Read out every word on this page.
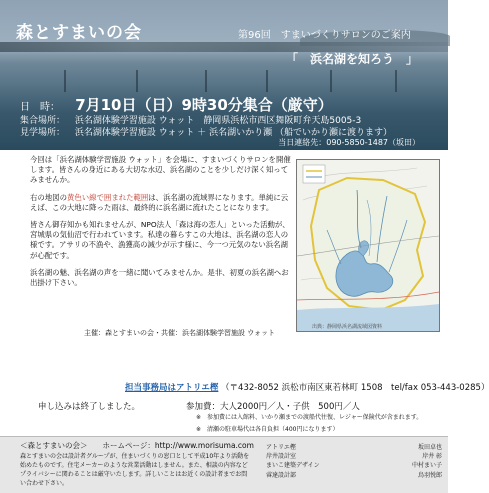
森とすまいの会	第96回　すまいづくりサロンのご案内
「　浜名湖を知ろう　」
日　時： 7月10日（日）9時30分集合（厳守）
集合場所： 浜名湖体験学習施設 ウォット　静岡県浜松市西区舞阪町弁天島5005-3
見学場所： 浜名湖体験学習施設 ウォット ＋ 浜名湖いかり瀬 （船でいかり瀬に渡ります）
当日連絡先：090-5850-1487（坂田）

今回は「浜名湖体験学習施設 ウォット」を会場に、すまいづくりサロンを開催します。皆さんの身近にある大切な水辺、浜名湖のことを少しだけ深く知ってみませんか。

右の地図の黄色い線で囲まれた範囲は、浜名湖の流域界になります。単純に云えば、この大地に降った雨は、最終的に浜名湖に流れたことになります。

皆さん御存知かも知れませんが、NPO法人「森は海の恋人」といった活動が、宮城県の気仙沼で行われています。私達の暮らすこの大地は、浜名湖の恋人の様です。アサリの不漁や、漁獲高の減少が示す様に、今一つ元気のない浜名湖が心配です。

浜名湖の魅、浜名湖の声を一緒に聞いてみませんか。是非、初夏の浜名湖へお出掛け下さい。

主催：森とすまいの会・共催：浜名湖体験学習施設 ウォット
出典：静岡県浜名湖流域図資料
担当事務局はアトリエ樫 （〒432-8052 浜松市南区東若林町 1508　tel/fax 053-443-0285）
申し込みは終了しました。	参加費：大人2000円／人・子供　500円／人
※　参加費には入館料、いかり瀬までの渡船代往復、レジャー保険代が含まれます。
※　清瀬の駐車場代は各自負担（400円になります）
＜森とすまいの会＞　　ホームページ：http://www.morisuma.com
森とすまいの会は設計者グループが、住まいづくりの窓口として平成10年より活動を始めたものです。住宅メーカーのような営業活動はしません。また、相談の内容などプライバシーに関わることは厳守いたします。詳しいことはお近くの設計者までお問い合わせ下さい。
アトリエ樫	坂田卓也
岸井設計室	岸井 彰
まいこ建築デザイン	中村まい子
睿達設計部	鳥羽悦郎
